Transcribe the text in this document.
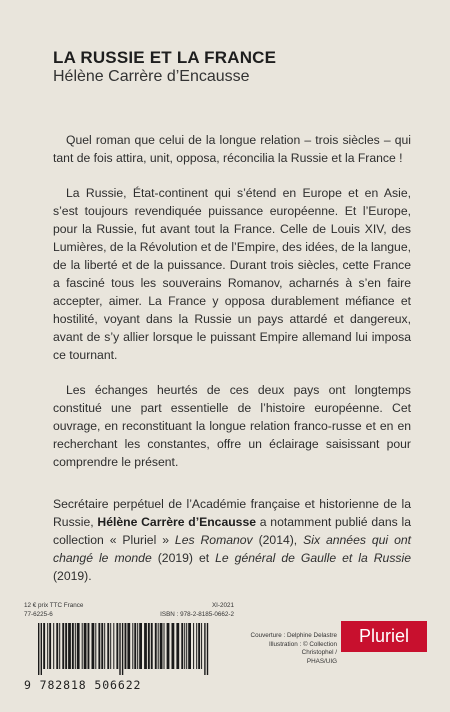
LA RUSSIE ET LA FRANCE
Hélène Carrère d’Encausse

Quel roman que celui de la longue relation – trois siècles – qui tant de fois attira, unit, opposa, réconcilia la Russie et la France !

La Russie, État-continent qui s’étend en Europe et en Asie, s’est toujours revendiquée puissance européenne. Et l’Europe, pour la Russie, fut avant tout la France. Celle de Louis XIV, des Lumières, de la Révolution et de l’Empire, des idées, de la langue, de la liberté et de la puissance. Durant trois siècles, cette France a fasciné tous les souverains Romanov, acharnés à s’en faire accepter, aimer. La France y opposa durablement méfiance et hostilité, voyant dans la Russie un pays attardé et dangereux, avant de s’y allier lorsque le puissant Empire allemand lui imposa ce tournant.

Les échanges heurtés de ces deux pays ont longtemps constitué une part essentielle de l’histoire européenne. Cet ouvrage, en reconstituant la longue relation franco-russe et en en recherchant les constantes, offre un éclairage saisissant pour comprendre le présent.

Secrétaire perpétuel de l’Académie française et historienne de la Russie, Hélène Carrère d’Encausse a notamment publié dans la collection « Pluriel » Les Romanov (2014), Six années qui ont changé le monde (2019) et Le général de Gaulle et la Russie (2019).

12 € prix TTC France	XI-2021
77-6225-6	ISBN : 978-2-8185-0662-2
9 782818 506622
Couverture : Delphine Delastre
Illustration : © Collection Christophel /
PHAS/UIG
Pluriel
